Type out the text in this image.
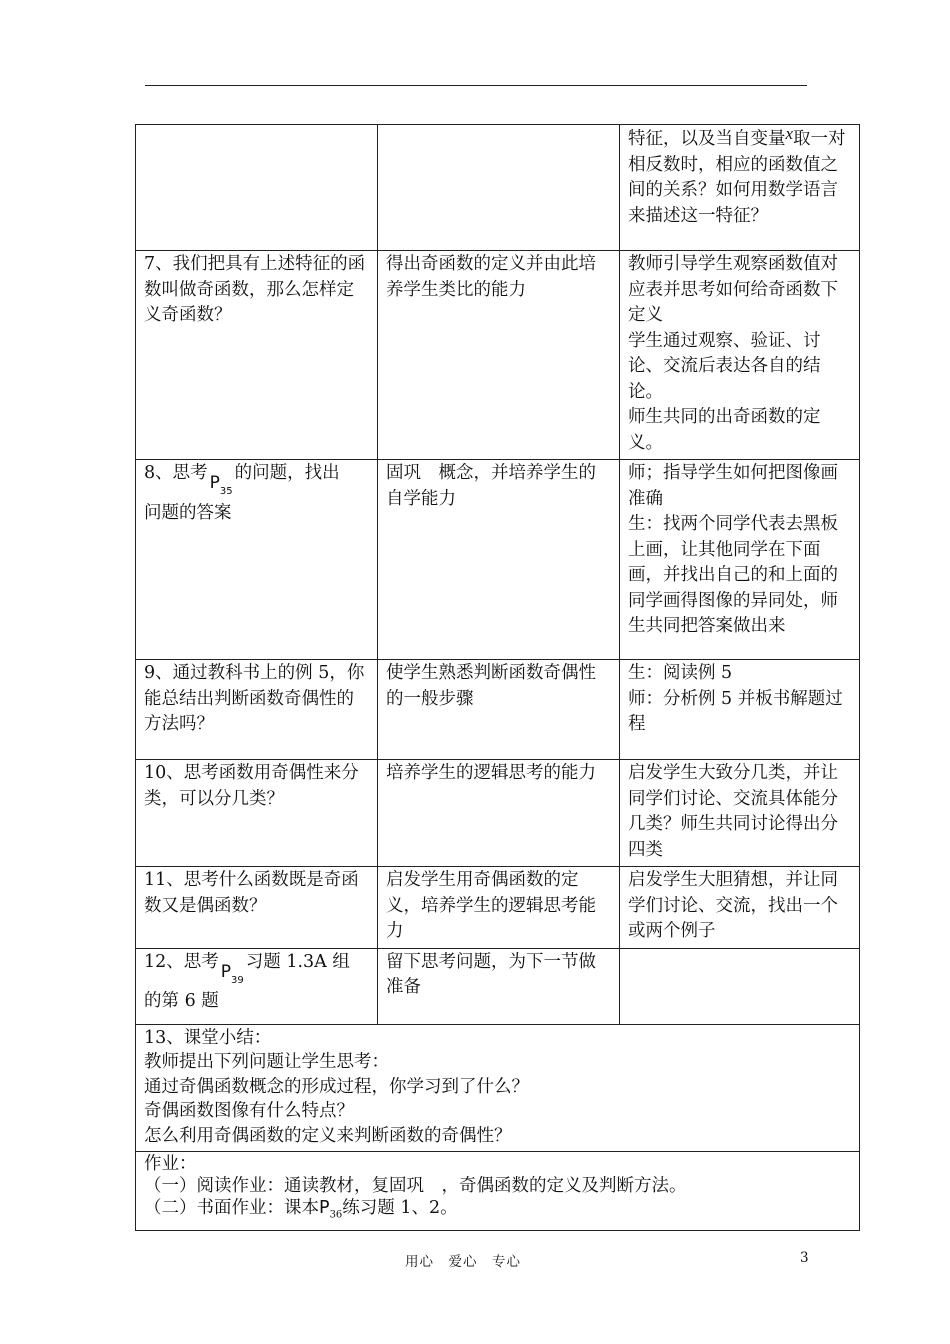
		特征，以及当自变量x取一对相反数时，相应的函数值之间的关系？如何用数学语言来描述这一特征？
7、我们把具有上述特征的函数叫做奇函数，那么怎样定义奇函数？	得出奇函数的定义并由此培养学生类比的能力	教师引导学生观察函数值对应表并思考如何给奇函数下定义
学生通过观察、验证、讨论、交流后表达各自的结论。
师生共同的出奇函数的定义。

8、思考 $P_{35}$的问题，找出
问题的答案	固巩　概念，并培养学生的自学能力	师；指导学生如何把图像画准确
生：找两个同学代表去黑板上画，让其他同学在下面画，并找出自己的和上面的同学画得图像的异同处，师生共同把答案做出来

9、通过教科书上的例 5，你能总结出判断函数奇偶性的方法吗？	使学生熟悉判断函数奇偶性的一般步骤	生：阅读例 5
师：分析例 5 并板书解题过程

10、思考函数用奇偶性来分类，可以分几类？	培养学生的逻辑思考的能力	启发学生大致分几类，并让同学们讨论、交流具体能分几类？师生共同讨论得出分四类
11、思考什么函数既是奇函数又是偶函数？	启发学生用奇偶函数的定义，培养学生的逻辑思考能力	启发学生大胆猜想，并让同学们讨论、交流，找出一个或两个例子
12、思考 $P_{39}$习题 1.3A 组
的第 6 题	留下思考问题，为下一节做准备	

13、课堂小结：
教师提出下列问题让学生思考：
通过奇偶函数概念的形成过程，你学习到了什么？
奇偶函数图像有什么特点？
怎么利用奇偶函数的定义来判断函数的奇偶性？		

作业：
（一）阅读作业：通读教材，复固巩　，奇偶函数的定义及判断方法。
（二）书面作业：课本$P_{36}$练习题 1、2。		
用心　爱心　专心	3
